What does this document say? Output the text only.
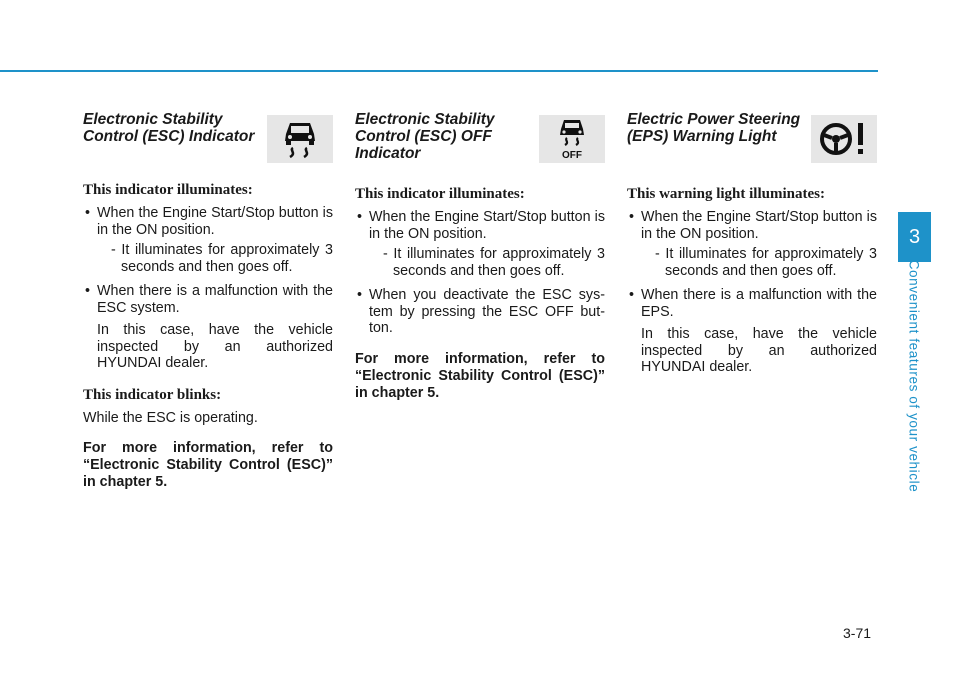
Electronic Stability Control (ESC) Indicator
This indicator illuminates:
• When the Engine Start/Stop button is in the ON position.
- It illuminates for approximately 3 seconds and then goes off.
• When there is a malfunction with the ESC system.
In this case, have the vehicle inspected by an authorized HYUNDAI dealer.
This indicator blinks:

While the ESC is operating.

For more information, refer to “Electronic Stability Control (ESC)” in chapter 5.

Electronic Stability Control (ESC) OFF Indicator	OFF
This indicator illuminates:
• When the Engine Start/Stop button is in the ON position.
- It illuminates for approximately 3 seconds and then goes off.
• When you deactivate the ESC sys- tem by pressing the ESC OFF but- ton.

For more information, refer to “Electronic Stability Control (ESC)” in chapter 5.

Electric Power Steering (EPS) Warning Light
This warning light illuminates:
• When the Engine Start/Stop button is in the ON position.
- It illuminates for approximately 3 seconds and then goes off.
• When there is a malfunction with the EPS.
In this case, have the vehicle inspected by an authorized HYUNDAI dealer.
3
Convenient features of your vehicle
3-71
